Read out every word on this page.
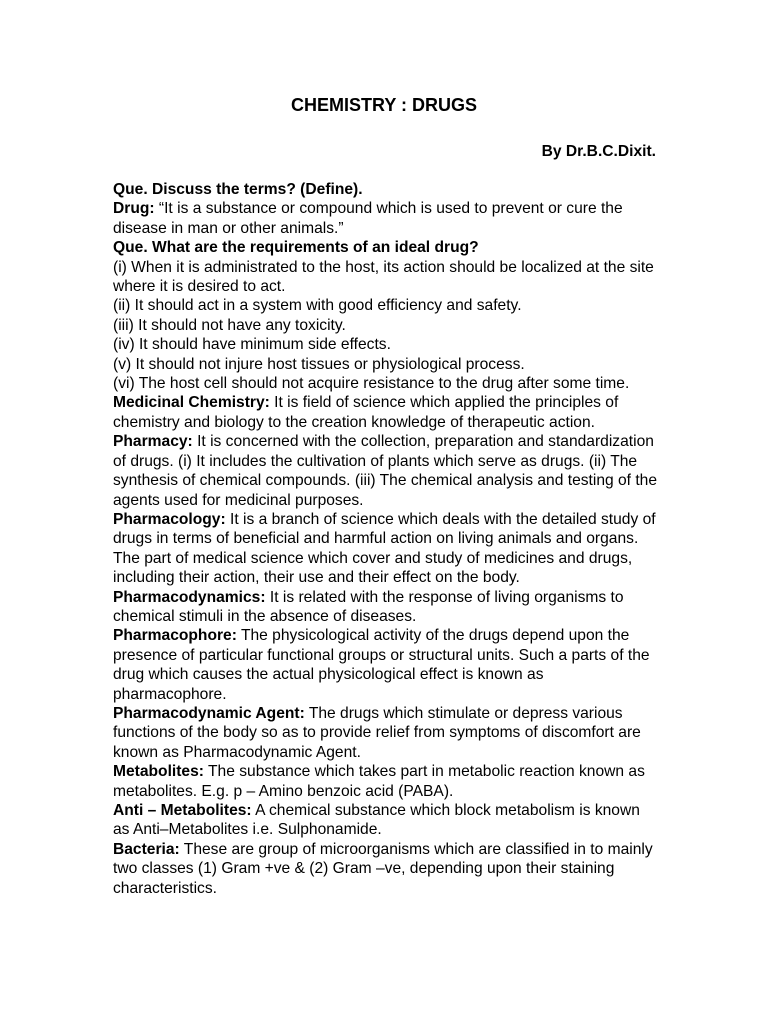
CHEMISTRY : DRUGS
By Dr.B.C.Dixit.

Que. Discuss the terms? (Define).

Drug: “It is a substance or compound which is used to prevent or cure the disease in man or other animals.”

Que. What are the requirements of an ideal drug?

(i) When it is administrated to the host, its action should be localized at the site where it is desired to act.

(ii) It should act in a system with good efficiency and safety.

(iii) It should not have any toxicity.

(iv) It should have minimum side effects.

(v) It should not injure host tissues or physiological process.

(vi) The host cell should not acquire resistance to the drug after some time.

Medicinal Chemistry: It is field of science which applied the principles of chemistry and biology to the creation knowledge of therapeutic action.

Pharmacy: It is concerned with the collection, preparation and standardization of drugs. (i) It includes the cultivation of plants which serve as drugs. (ii) The synthesis of chemical compounds. (iii) The chemical analysis and testing of the agents used for medicinal purposes.

Pharmacology: It is a branch of science which deals with the detailed study of drugs in terms of beneficial and harmful action on living animals and organs. The part of medical science which cover and study of medicines and drugs, including their action, their use and their effect on the body.

Pharmacodynamics: It is related with the response of living organisms to chemical stimuli in the absence of diseases.

Pharmacophore: The physicological activity of the drugs depend upon the presence of particular functional groups or structural units. Such a parts of the drug which causes the actual physicological effect is known as pharmacophore.

Pharmacodynamic Agent: The drugs which stimulate or depress various functions of the body so as to provide relief from symptoms of discomfort are known as Pharmacodynamic Agent.

Metabolites: The substance which takes part in metabolic reaction known as metabolites. E.g. p – Amino benzoic acid (PABA).

Anti – Metabolites: A chemical substance which block metabolism is known as Anti–Metabolites i.e. Sulphonamide.

Bacteria: These are group of microorganisms which are classified in to mainly two classes (1) Gram +ve & (2) Gram –ve, depending upon their staining characteristics.
